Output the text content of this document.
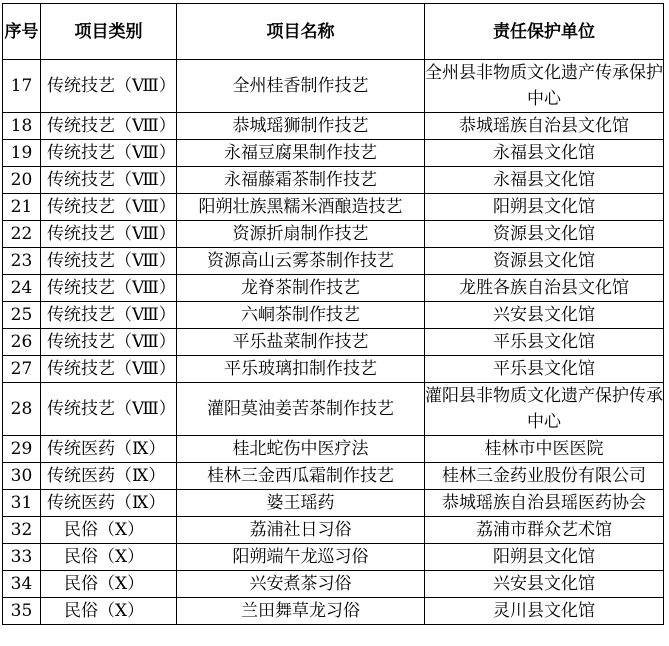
序号	项目类别	项目名称	责任保护单位
17	传统技艺（Ⅷ）	全州桂香制作技艺	全州县非物质文化遗产传承保护中心
18	传统技艺（Ⅷ）	恭城瑶狮制作技艺	恭城瑶族自治县文化馆
19	传统技艺（Ⅷ）	永福豆腐果制作技艺	永福县文化馆
20	传统技艺（Ⅷ）	永福藤霜茶制作技艺	永福县文化馆
21	传统技艺（Ⅷ）	阳朔壮族黑糯米酒酿造技艺	阳朔县文化馆
22	传统技艺（Ⅷ）	资源折扇制作技艺	资源县文化馆
23	传统技艺（Ⅷ）	资源高山云雾茶制作技艺	资源县文化馆
24	传统技艺（Ⅷ）	龙脊茶制作技艺	龙胜各族自治县文化馆
25	传统技艺（Ⅷ）	六峒茶制作技艺	兴安县文化馆
26	传统技艺（Ⅷ）	平乐盐菜制作技艺	平乐县文化馆
27	传统技艺（Ⅷ）	平乐玻璃扣制作技艺	平乐县文化馆
28	传统技艺（Ⅷ）	灌阳莫油姜苦茶制作技艺	灌阳县非物质文化遗产保护传承中心
29	传统医药（Ⅸ）	桂北蛇伤中医疗法	桂林市中医医院
30	传统医药（Ⅸ）	桂林三金西瓜霜制作技艺	桂林三金药业股份有限公司
31	传统医药（Ⅸ）	婆王瑶药	恭城瑶族自治县瑶医药协会
32	　民俗（Ⅹ）	荔浦社日习俗	荔浦市群众艺术馆
33	　民俗（Ⅹ）	阳朔端午龙巡习俗	阳朔县文化馆
34	　民俗（Ⅹ）	兴安煮茶习俗	兴安县文化馆
35	　民俗（Ⅹ）	兰田舞草龙习俗	灵川县文化馆
